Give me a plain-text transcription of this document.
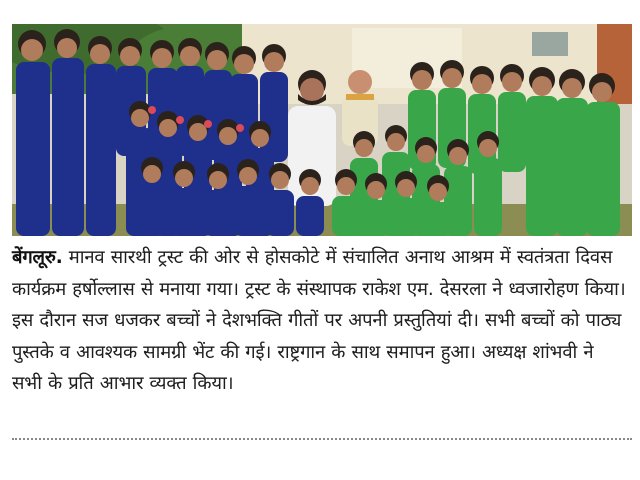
बेंगलूरु. मानव सारथी ट्रस्ट की ओर से होसकोटे में संचालित अनाथ आश्रम में स्वतंत्रता दिवस कार्यक्रम हर्षोल्लास से मनाया गया। ट्रस्ट के संस्थापक राकेश एम. देसरला ने ध्वजारोहण किया। इस दौरान सज धजकर बच्चों ने देशभक्ति गीतों पर अपनी प्रस्तुतियां दी। सभी बच्चों को पाठ्य पुस्तके व आवश्यक सामग्री भेंट की गई। राष्ट्रगान के साथ समापन हुआ। अध्यक्ष शांभवी ने सभी के प्रति आभार व्यक्त किया।
